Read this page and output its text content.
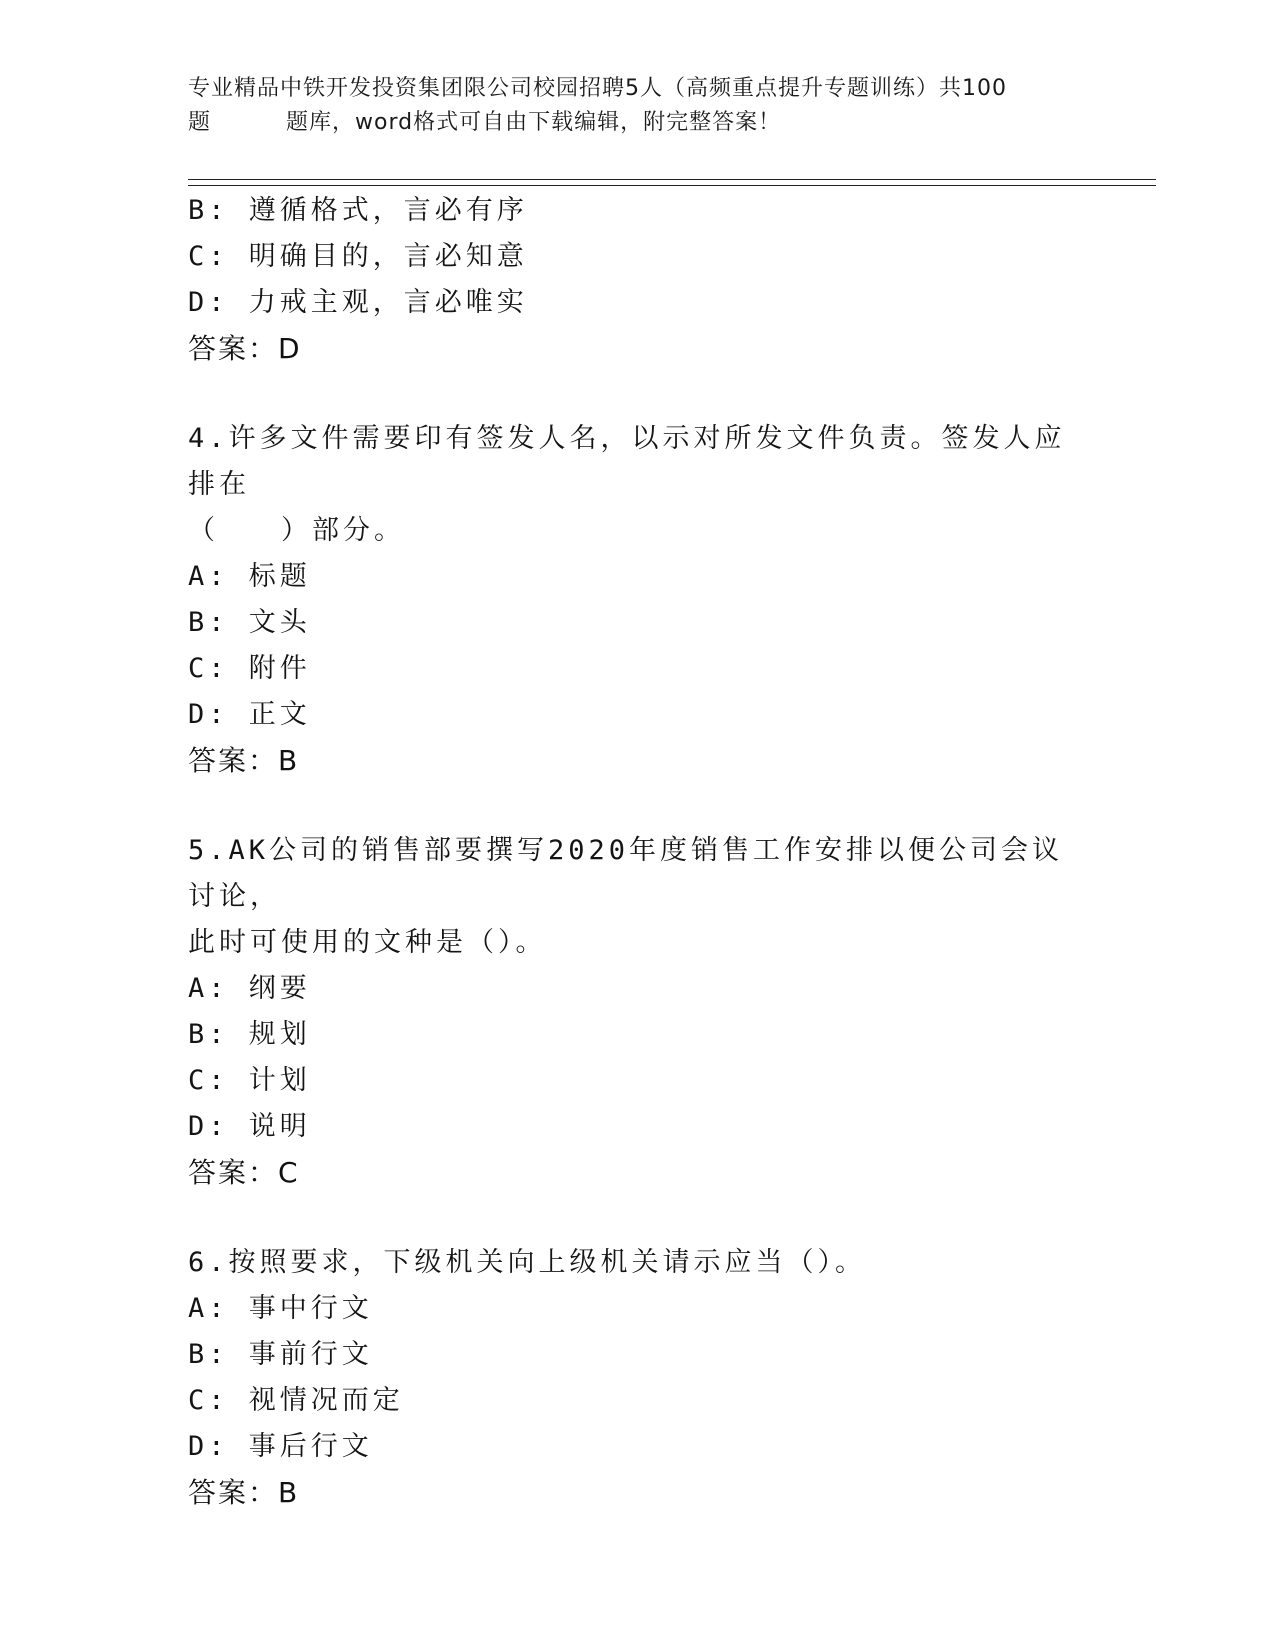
专业精品中铁开发投资集团限公司校园招聘5人（高频重点提升专题训练）共100
题	题库，word格式可自由下载编辑，附完整答案！
B: 遵循格式，言必有序
C: 明确目的，言必知意
D: 力戒主观，言必唯实
答案：D
4.许多文件需要印有签发人名，以示对所发文件负责。签发人应排在
（　　）部分。
A: 标题
B: 文头
C: 附件
D: 正文
答案：B
5.AK公司的销售部要撰写2020年度销售工作安排以便公司会议讨论，
此时可使用的文种是（）。
A: 纲要
B: 规划
C: 计划
D: 说明
答案：C
6.按照要求，下级机关向上级机关请示应当（）。
A: 事中行文
B: 事前行文
C: 视情况而定
D: 事后行文
答案：B
